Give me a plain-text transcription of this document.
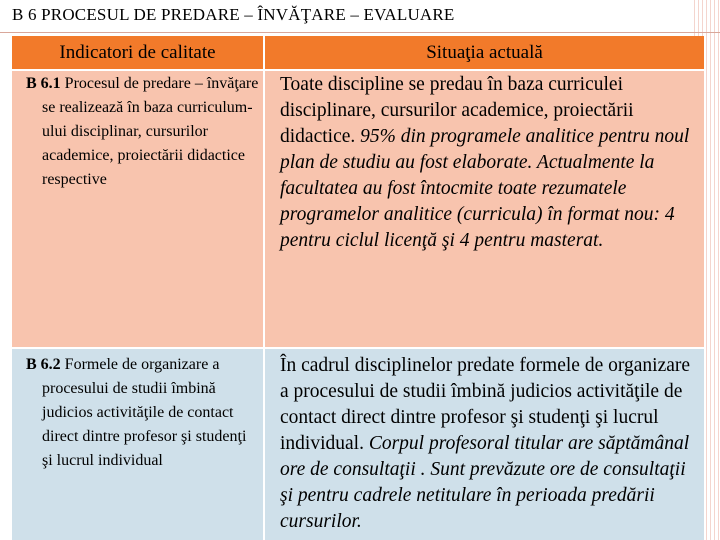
B 6 PROCESUL DE PREDARE – ÎNVĂŢARE – EVALUARE
Indicatori de calitate	Situaţia actuală

B 6.1 Procesul de predare – învăţare se realizează în baza curriculum-ului disciplinar, cursurilor academice, proiectării didactice respective

Toate discipline se predau în baza curriculei disciplinare, cursurilor academice, proiectării didactice. 95% din programele analitice pentru noul plan de studiu au fost elaborate. Actualmente la facultatea au fost întocmite toate rezumatele programelor analitice (curricula) în format nou: 4 pentru ciclul licenţă şi 4 pentru masterat.

B 6.2 Formele de organizare a procesului de studii îmbină judicios activităţile de contact direct dintre profesor şi studenţi şi lucrul individual

În cadrul disciplinelor predate formele de organizare a procesului de studii îmbină judicios activităţile de contact direct dintre profesor şi studenţi şi lucrul individual. Corpul profesoral titular are săptămânal ore de consultaţii . Sunt prevăzute ore de consultaţii şi pentru cadrele netitulare în perioada predării cursurilor.
